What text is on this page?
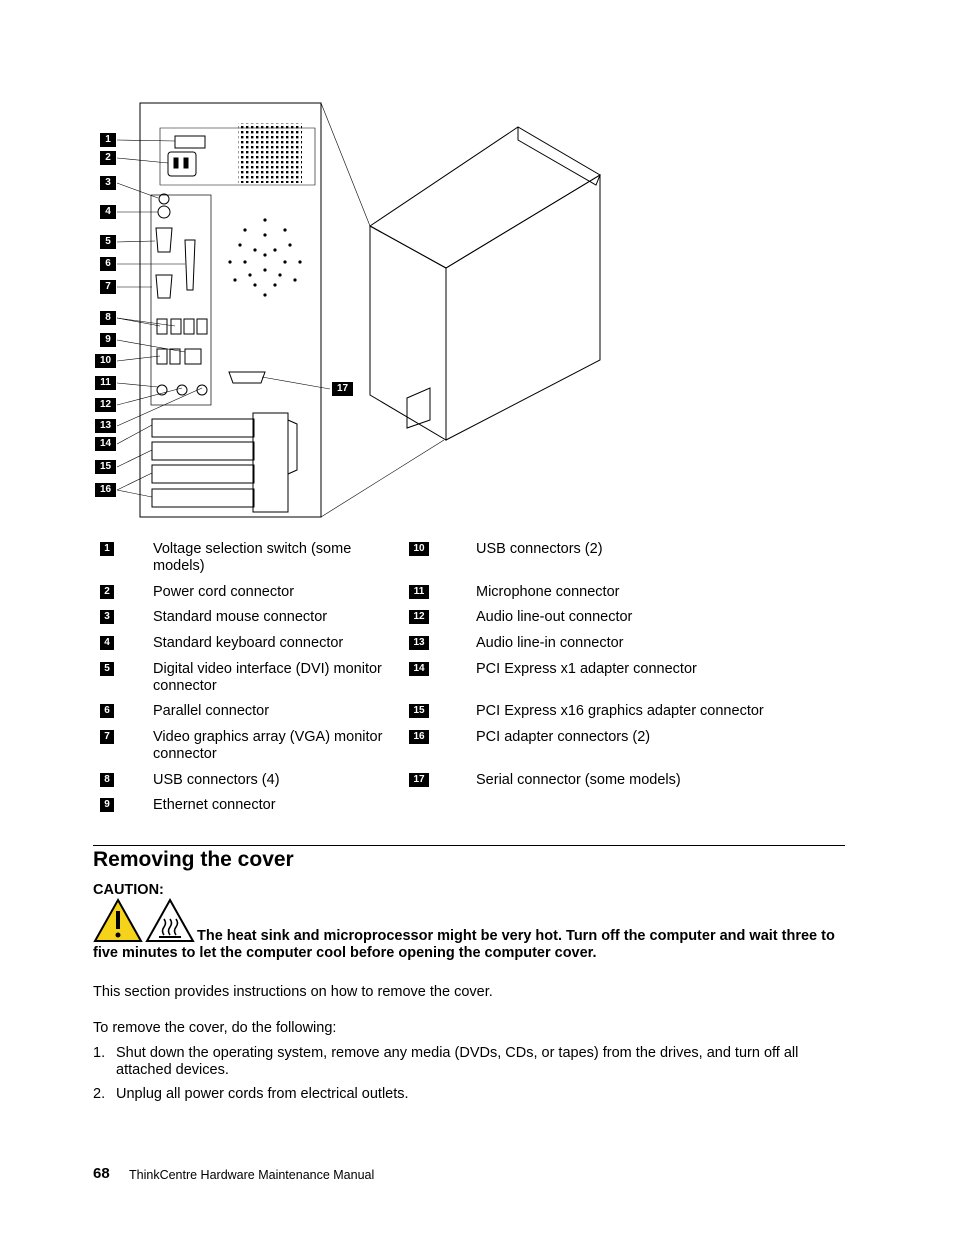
1
2
3
4
5
6
7
8
9
10
11
12
13
14
15
16
17
1	Voltage selection switch (some models)
2	Power cord connector
3	Standard mouse connector
4	Standard keyboard connector
5	Digital video interface (DVI) monitor connector
6	Parallel connector
7	Video graphics array (VGA) monitor connector
8	USB connectors (4)
9	Ethernet connector
10	USB connectors (2)
11	Microphone connector
12	Audio line-out connector
13	Audio line-in connector
14	PCI Express x1 adapter connector
15	PCI Express x16 graphics adapter connector
16	PCI adapter connectors (2)
17	Serial connector (some models)
Removing the cover
CAUTION:
The heat sink and microprocessor might be very hot. Turn off the computer and wait three to five minutes to let the computer cool before opening the computer cover.
This section provides instructions on how to remove the cover.
To remove the cover, do the following:
1. Shut down the operating system, remove any media (DVDs, CDs, or tapes) from the drives, and turn off all attached devices.
2. Unplug all power cords from electrical outlets.
68 ThinkCentre Hardware Maintenance Manual
